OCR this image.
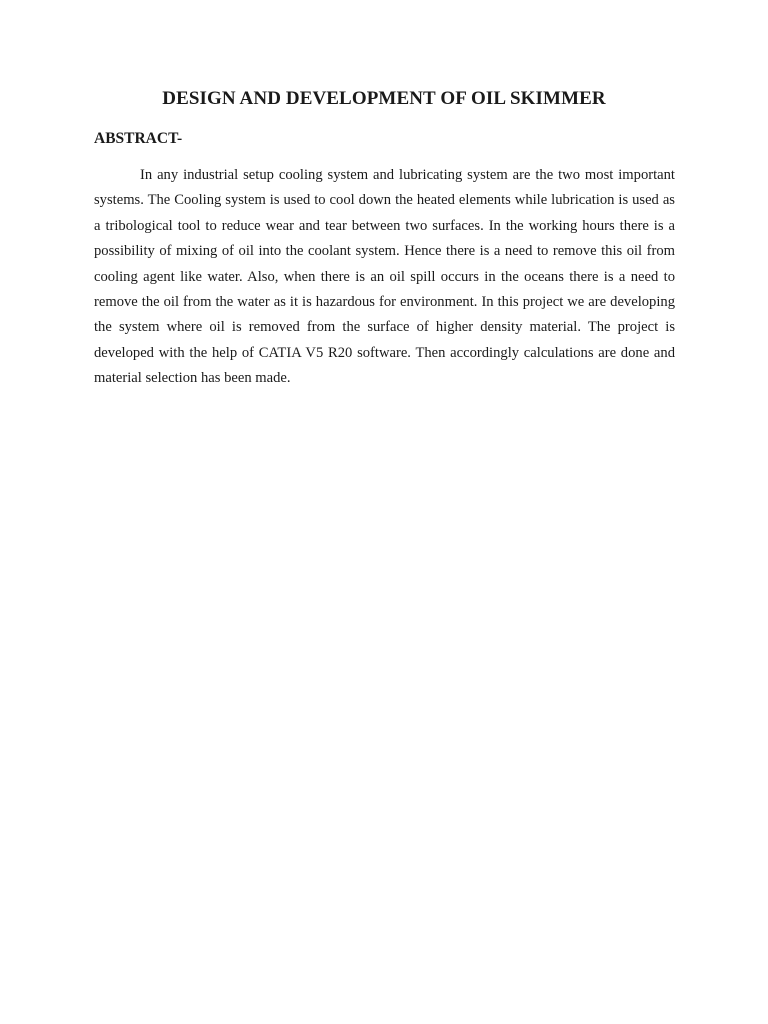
DESIGN AND DEVELOPMENT OF OIL SKIMMER
ABSTRACT-

In any industrial setup cooling system and lubricating system are the two most important systems. The Cooling system is used to cool down the heated elements while lubrication is used as a tribological tool to reduce wear and tear between two surfaces. In the working hours there is a possibility of mixing of oil into the coolant system. Hence there is a need to remove this oil from cooling agent like water. Also, when there is an oil spill occurs in the oceans there is a need to remove the oil from the water as it is hazardous for environment. In this project we are developing the system where oil is removed from the surface of higher density material. The project is developed with the help of CATIA V5 R20 software. Then accordingly calculations are done and material selection has been made.
